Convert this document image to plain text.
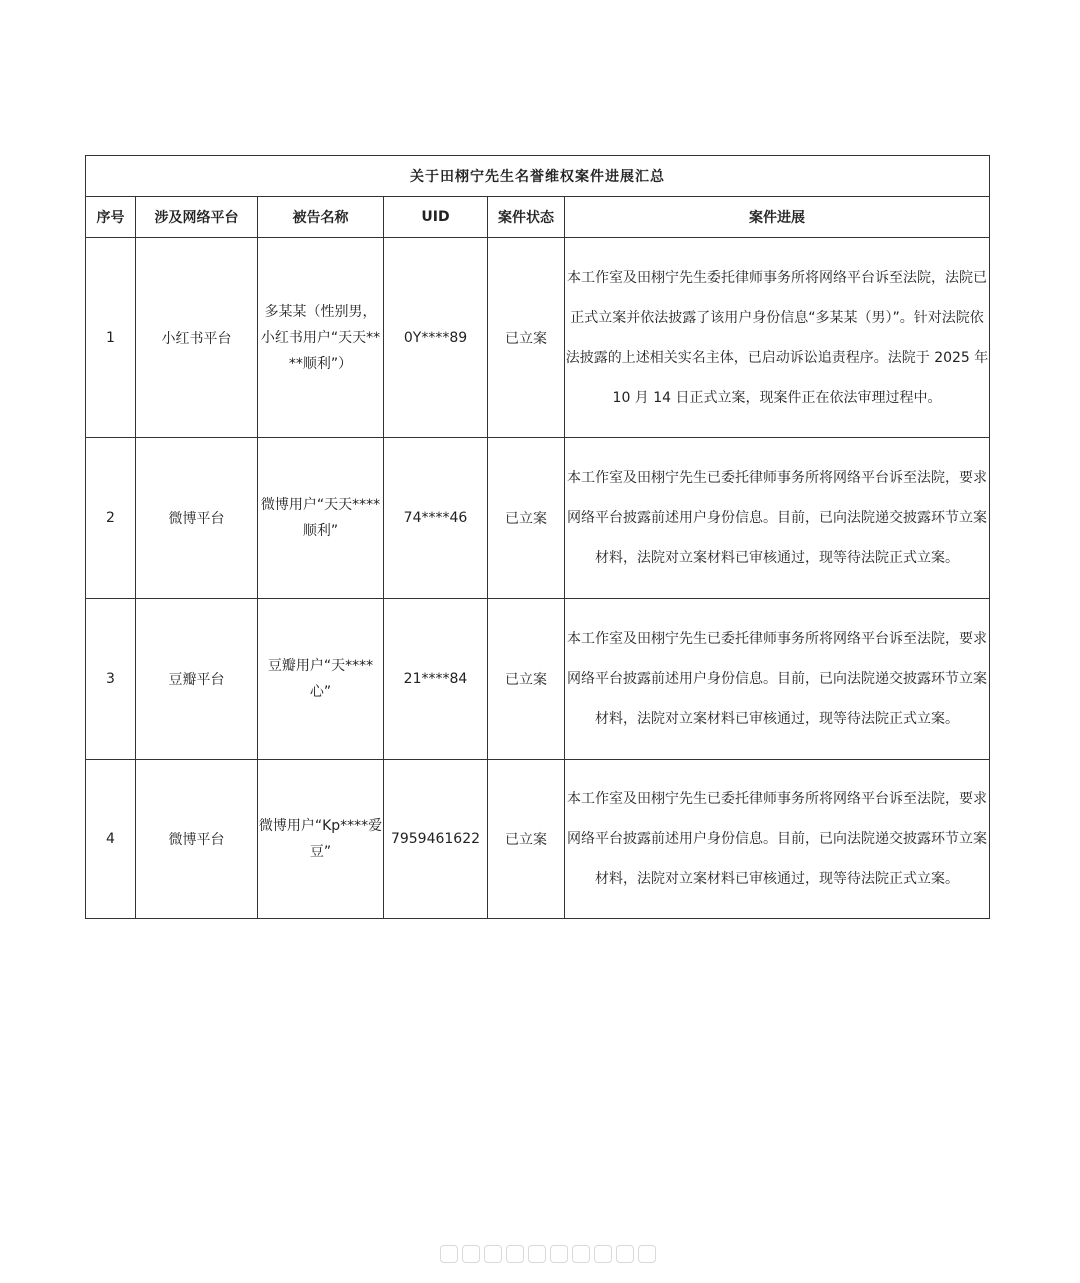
关于田栩宁先生名誉维权案件进展汇总					
序号	涉及网络平台	被告名称	UID	案件状态	案件进展
1	小红书平台	多某某（性别男，小红书用户“天天****顺利”）	0Y****89	已立案	本工作室及田栩宁先生委托律师事务所将网络平台诉至法院，法院已正式立案并依法披露了该用户身份信息“多某某（男）”。针对法院依法披露的上述相关实名主体，已启动诉讼追责程序。法院于 2025 年 10 月 14 日正式立案，现案件正在依法审理过程中。
2	微博平台	微博用户“天天****顺利”	74****46	已立案	本工作室及田栩宁先生已委托律师事务所将网络平台诉至法院，要求网络平台披露前述用户身份信息。目前，已向法院递交披露环节立案材料，法院对立案材料已审核通过，现等待法院正式立案。
3	豆瓣平台	豆瓣用户“天****心”	21****84	已立案	本工作室及田栩宁先生已委托律师事务所将网络平台诉至法院，要求网络平台披露前述用户身份信息。目前，已向法院递交披露环节立案材料，法院对立案材料已审核通过，现等待法院正式立案。
4	微博平台	微博用户“Kp****爱豆”	7959461622	已立案	本工作室及田栩宁先生已委托律师事务所将网络平台诉至法院，要求网络平台披露前述用户身份信息。目前，已向法院递交披露环节立案材料，法院对立案材料已审核通过，现等待法院正式立案。
